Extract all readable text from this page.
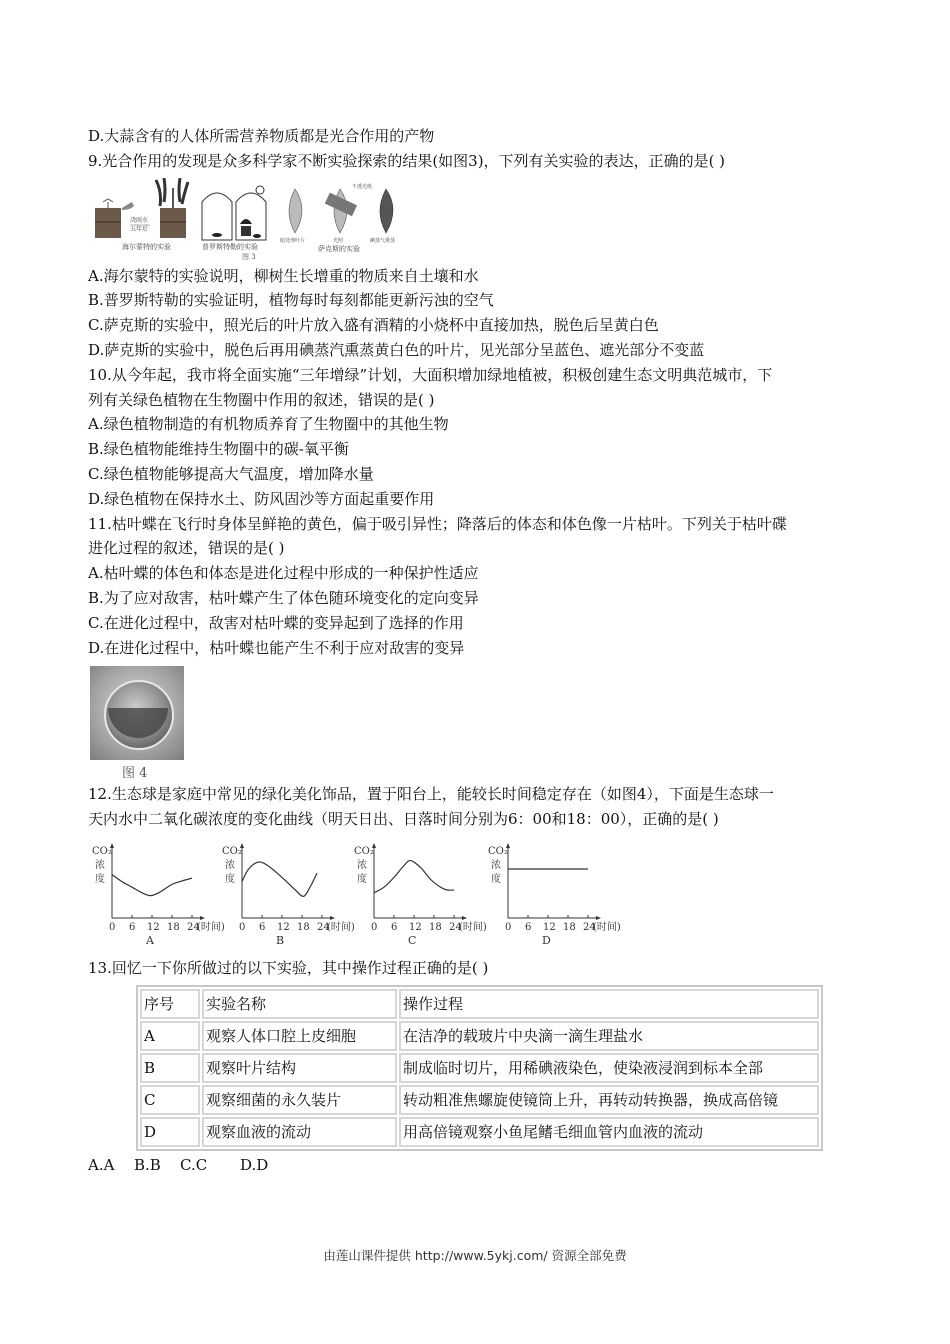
D.大蒜含有的人体所需营养物质都是光合作用的产物
9.光合作用的发现是众多科学家不断实验探索的结果(如图3)，下列有关实验的表达，正确的是( )
浇雨水
五年后
海尔蒙特的实验	普罗斯特勒的实验
不透光纸
暗处理叶片	光照	碘蒸气熏蒸
萨克斯的实验
图 3
A.海尔蒙特的实验说明，柳树生长增重的物质来自土壤和水
B.普罗斯特勒的实验证明，植物每时每刻都能更新污浊的空气
C.萨克斯的实验中，照光后的叶片放入盛有酒精的小烧杯中直接加热，脱色后呈黄白色
D.萨克斯的实验中，脱色后再用碘蒸汽熏蒸黄白色的叶片，见光部分呈蓝色、遮光部分不变蓝
10.从今年起，我市将全面实施“三年增绿”计划，大面积增加绿地植被，积极创建生态文明典范城市，下
列有关绿色植物在生物圈中作用的叙述，错误的是( )
A.绿色植物制造的有机物质养育了生物圈中的其他生物
B.绿色植物能维持生物圈中的碳-氧平衡
C.绿色植物能够提高大气温度，增加降水量
D.绿色植物在保持水土、防风固沙等方面起重要作用
11.枯叶蝶在飞行时身体呈鲜艳的黄色，偏于吸引异性；降落后的体态和体色像一片枯叶。下列关于枯叶碟
进化过程的叙述，错误的是( )
A.枯叶蝶的体色和体态是进化过程中形成的一种保护性适应
B.为了应对敌害，枯叶蝶产生了体色随环境变化的定向变异
C.在进化过程中，敌害对枯叶蝶的变异起到了选择的作用
D.在进化过程中，枯叶蝶也能产生不利于应对敌害的变异
图 4
12.生态球是家庭中常见的绿化美化饰品，置于阳台上，能较长时间稳定存在（如图4），下面是生态球一
天内水中二氧化碳浓度的变化曲线（明天日出、日落时间分别为6：00和18：00），正确的是( )
CO₂
浓
度
0 6 12 18 24
(时间)
A
CO₂
浓
度
0 6 12 18 24
(时间)
B
CO₂
浓
度
0 6 12 18 24
(时间)
C
CO₂
浓
度
0 6 12 18 24
(时间)
D
13.回忆一下你所做过的以下实验，其中操作过程正确的是( )
序号	实验名称	操作过程
A	观察人体口腔上皮细胞	在洁净的载玻片中央滴一滴生理盐水
B	观察叶片结构	制成临时切片，用稀碘液染色，使染液浸润到标本全部
C	观察细菌的永久装片	转动粗准焦螺旋使镜筒上升，再转动转换器，换成高倍镜
D	观察血液的流动	用高倍镜观察小鱼尾鳍毛细血管内血液的流动
A.A B.B C.C D.D
由莲山课件提供 http://www.5ykj.com/ 资源全部免费
